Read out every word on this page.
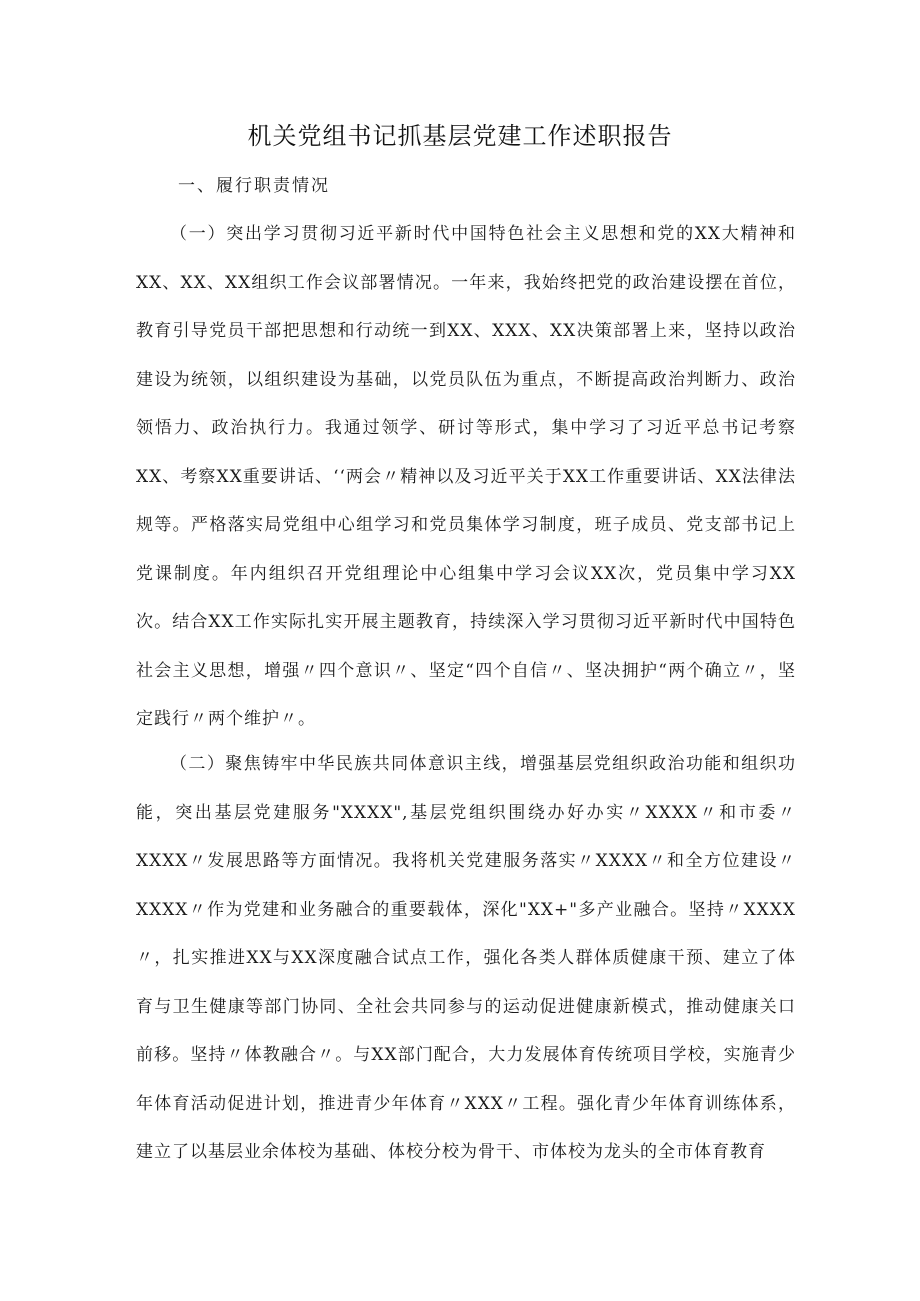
机关党组书记抓基层党建工作述职报告

一、履行职责情况

（一）突出学习贯彻习近平新时代中国特色社会主义思想和党的XX大精神和XX、XX、XX组织工作会议部署情况。一年来，我始终把党的政治建设摆在首位，教育引导党员干部把思想和行动统一到XX、XXX、XX决策部署上来，坚持以政治建设为统领，以组织建设为基础，以党员队伍为重点，不断提高政治判断力、政治领悟力、政治执行力。我通过领学、研讨等形式，集中学习了习近平总书记考察XX、考察XX重要讲话、‘‘两会〃精神以及习近平关于XX工作重要讲话、XX法律法规等。严格落实局党组中心组学习和党员集体学习制度，班子成员、党支部书记上党课制度。年内组织召开党组理论中心组集中学习会议XX次，党员集中学习XX次。结合XX工作实际扎实开展主题教育，持续深入学习贯彻习近平新时代中国特色社会主义思想，增强〃四个意识〃、坚定“四个自信〃、坚决拥护“两个确立〃，坚定践行〃两个维护〃。

（二）聚焦铸牢中华民族共同体意识主线，增强基层党组织政治功能和组织功能，突出基层党建服务"XXXX",基层党组织围绕办好办实〃XXXX〃和市委〃XXXX〃发展思路等方面情况。我将机关党建服务落实〃XXXX〃和全方位建设〃XXXX〃作为党建和业务融合的重要载体，深化"XX+"多产业融合。坚持〃XXXX〃，扎实推进XX与XX深度融合试点工作，强化各类人群体质健康干预、建立了体育与卫生健康等部门协同、全社会共同参与的运动促进健康新模式，推动健康关口前移。坚持〃体教融合〃。与XX部门配合，大力发展体育传统项目学校，实施青少年体育活动促进计划，推进青少年体育〃XXX〃工程。强化青少年体育训练体系，建立了以基层业余体校为基础、体校分校为骨干、市体校为龙头的全市体育教育
